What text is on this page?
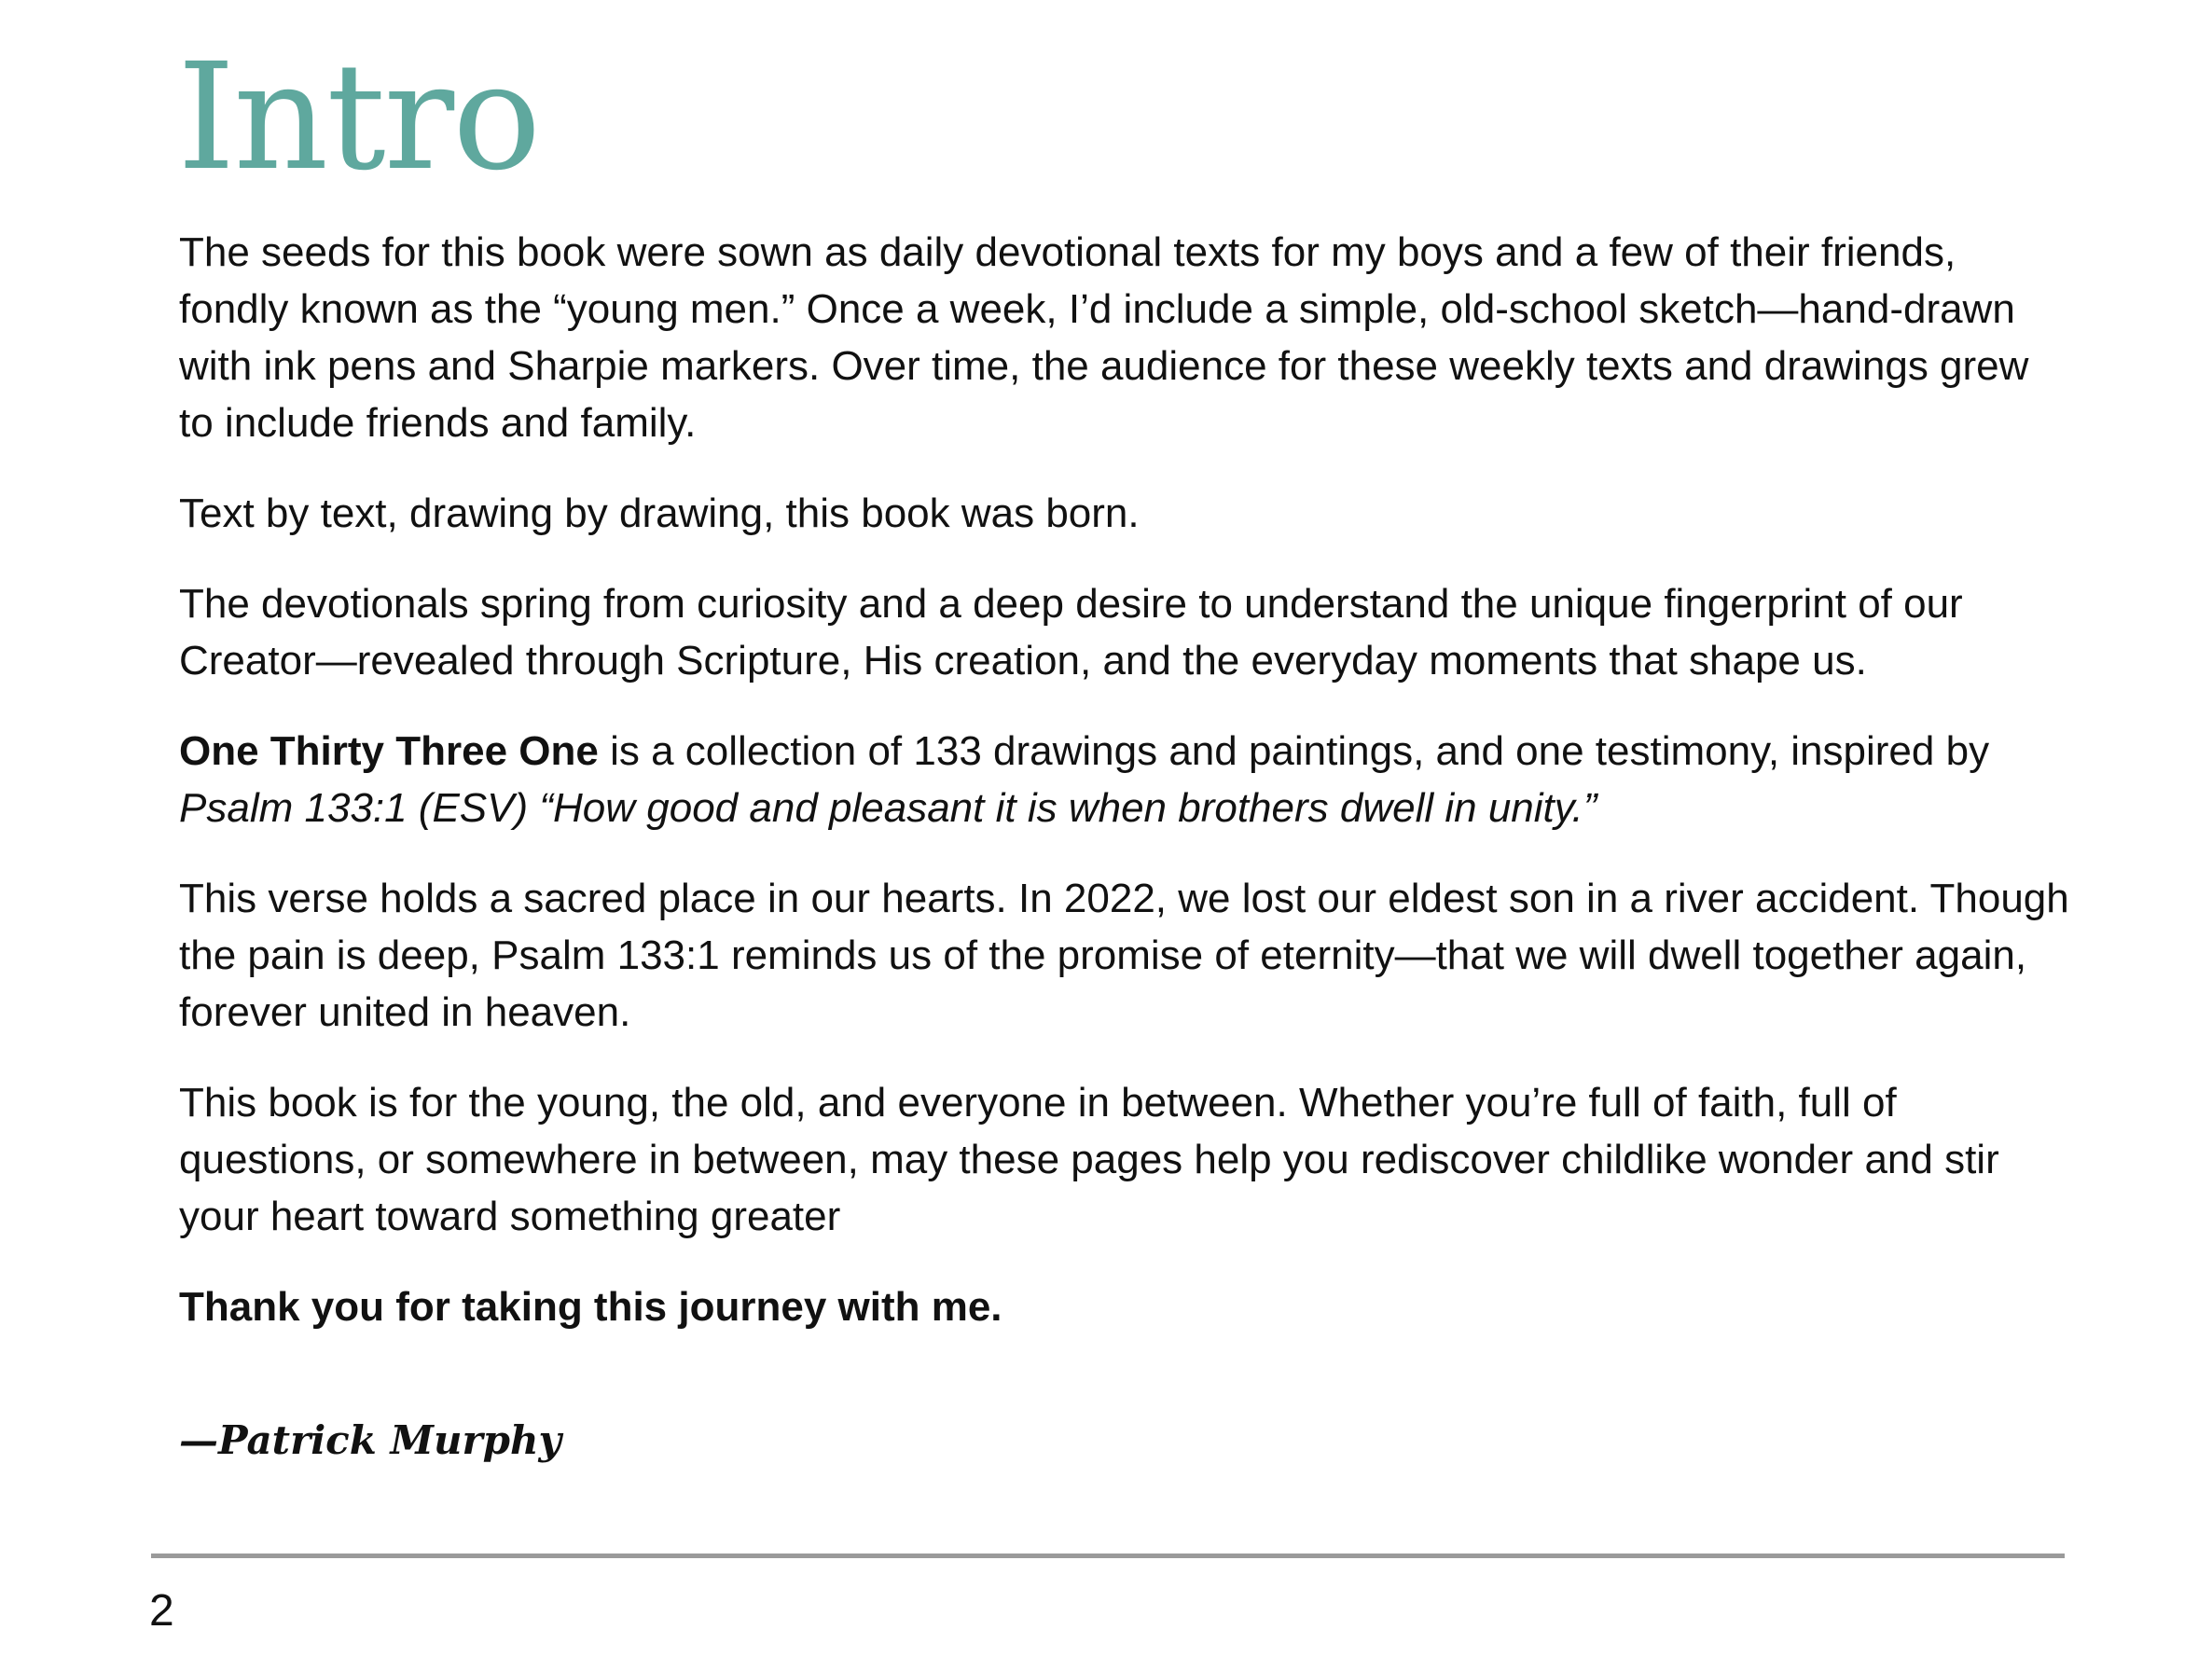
Intro

The seeds for this book were sown as daily devotional texts for my boys and a few of their friends, fondly known as the “young men.” Once a week, I’d include a simple, old-school sketch—hand-drawn with ink pens and Sharpie markers. Over time, the audience for these weekly texts and drawings grew to include friends and family.

Text by text, drawing by drawing, this book was born.

The devotionals spring from curiosity and a deep desire to understand the unique fingerprint of our Creator—revealed through Scripture, His creation, and the everyday moments that shape us.

One Thirty Three One is a collection of 133 drawings and paintings, and one testimony, inspired by Psalm 133:1 (ESV) “How good and pleasant it is when brothers dwell in unity.”

This verse holds a sacred place in our hearts. In 2022, we lost our eldest son in a river accident. Though the pain is deep, Psalm 133:1 reminds us of the promise of eternity—that we will dwell together again, forever united in heaven.

This book is for the young, the old, and everyone in between. Whether you’re full of faith, full of questions, or somewhere in between, may these pages help you rediscover childlike wonder and stir your heart toward something greater

Thank you for taking this journey with me.

—Patrick Murphy
2
